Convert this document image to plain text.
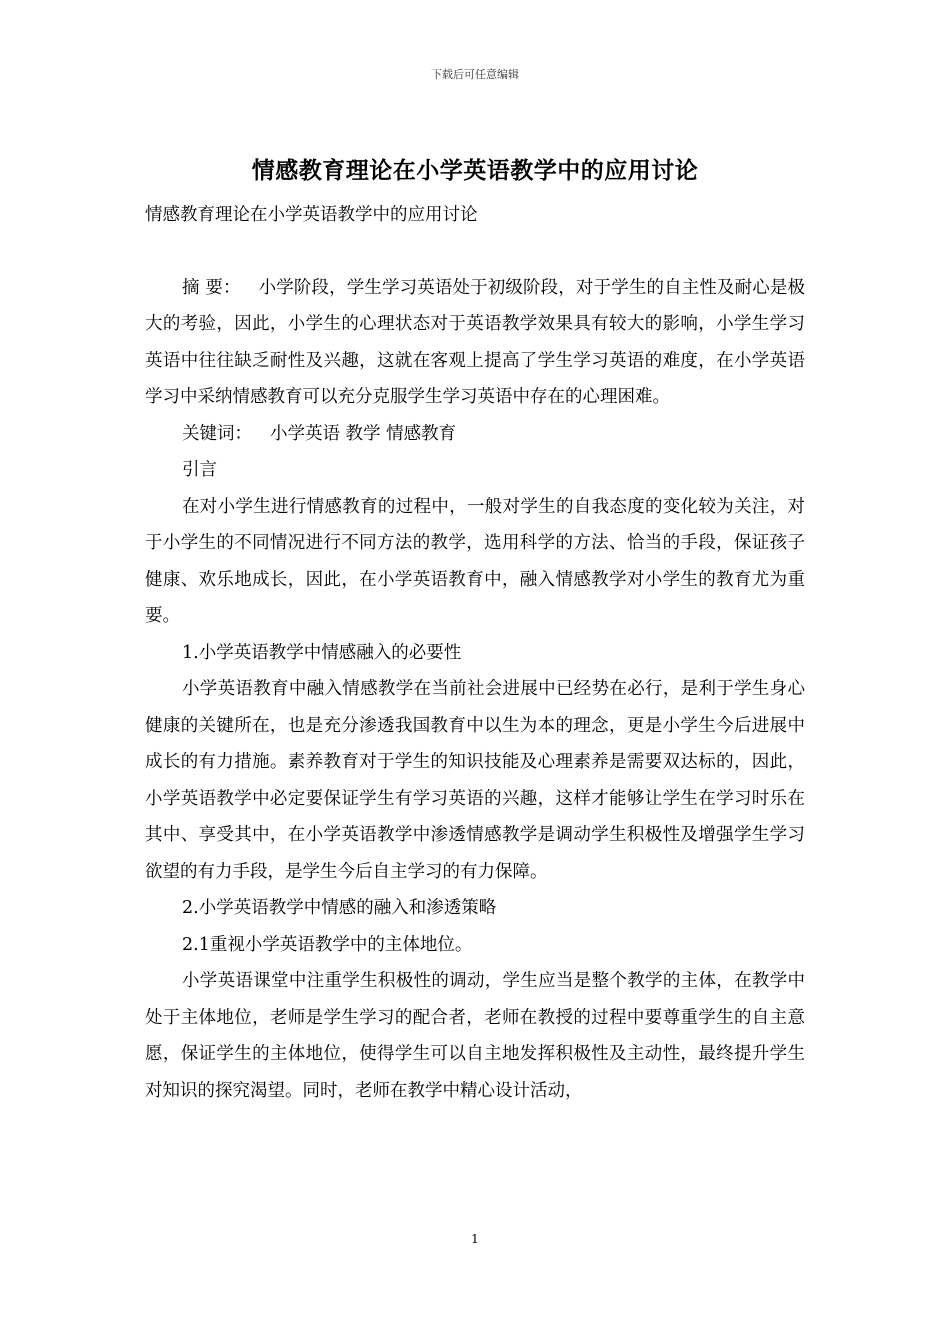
下载后可任意编辑
情感教育理论在小学英语教学中的应用讨论

情感教育理论在小学英语教学中的应用讨论

摘 要： 小学阶段，学生学习英语处于初级阶段，对于学生的自主性及耐心是极大的考验，因此，小学生的心理状态对于英语教学效果具有较大的影响，小学生学习英语中往往缺乏耐性及兴趣，这就在客观上提高了学生学习英语的难度，在小学英语学习中采纳情感教育可以充分克服学生学习英语中存在的心理困难。

关键词： 小学英语 教学 情感教育

引言

在对小学生进行情感教育的过程中，一般对学生的自我态度的变化较为关注，对于小学生的不同情况进行不同方法的教学，选用科学的方法、恰当的手段，保证孩子健康、欢乐地成长，因此，在小学英语教育中，融入情感教学对小学生的教育尤为重要。

1.小学英语教学中情感融入的必要性

小学英语教育中融入情感教学在当前社会进展中已经势在必行，是利于学生身心健康的关键所在，也是充分渗透我国教育中以生为本的理念，更是小学生今后进展中成长的有力措施。素养教育对于学生的知识技能及心理素养是需要双达标的，因此，小学英语教学中必定要保证学生有学习英语的兴趣，这样才能够让学生在学习时乐在其中、享受其中，在小学英语教学中渗透情感教学是调动学生积极性及增强学生学习欲望的有力手段，是学生今后自主学习的有力保障。

2.小学英语教学中情感的融入和渗透策略

2.1重视小学英语教学中的主体地位。

小学英语课堂中注重学生积极性的调动，学生应当是整个教学的主体，在教学中处于主体地位，老师是学生学习的配合者，老师在教授的过程中要尊重学生的自主意愿，保证学生的主体地位，使得学生可以自主地发挥积极性及主动性，最终提升学生对知识的探究渴望。同时，老师在教学中精心设计活动，

1
